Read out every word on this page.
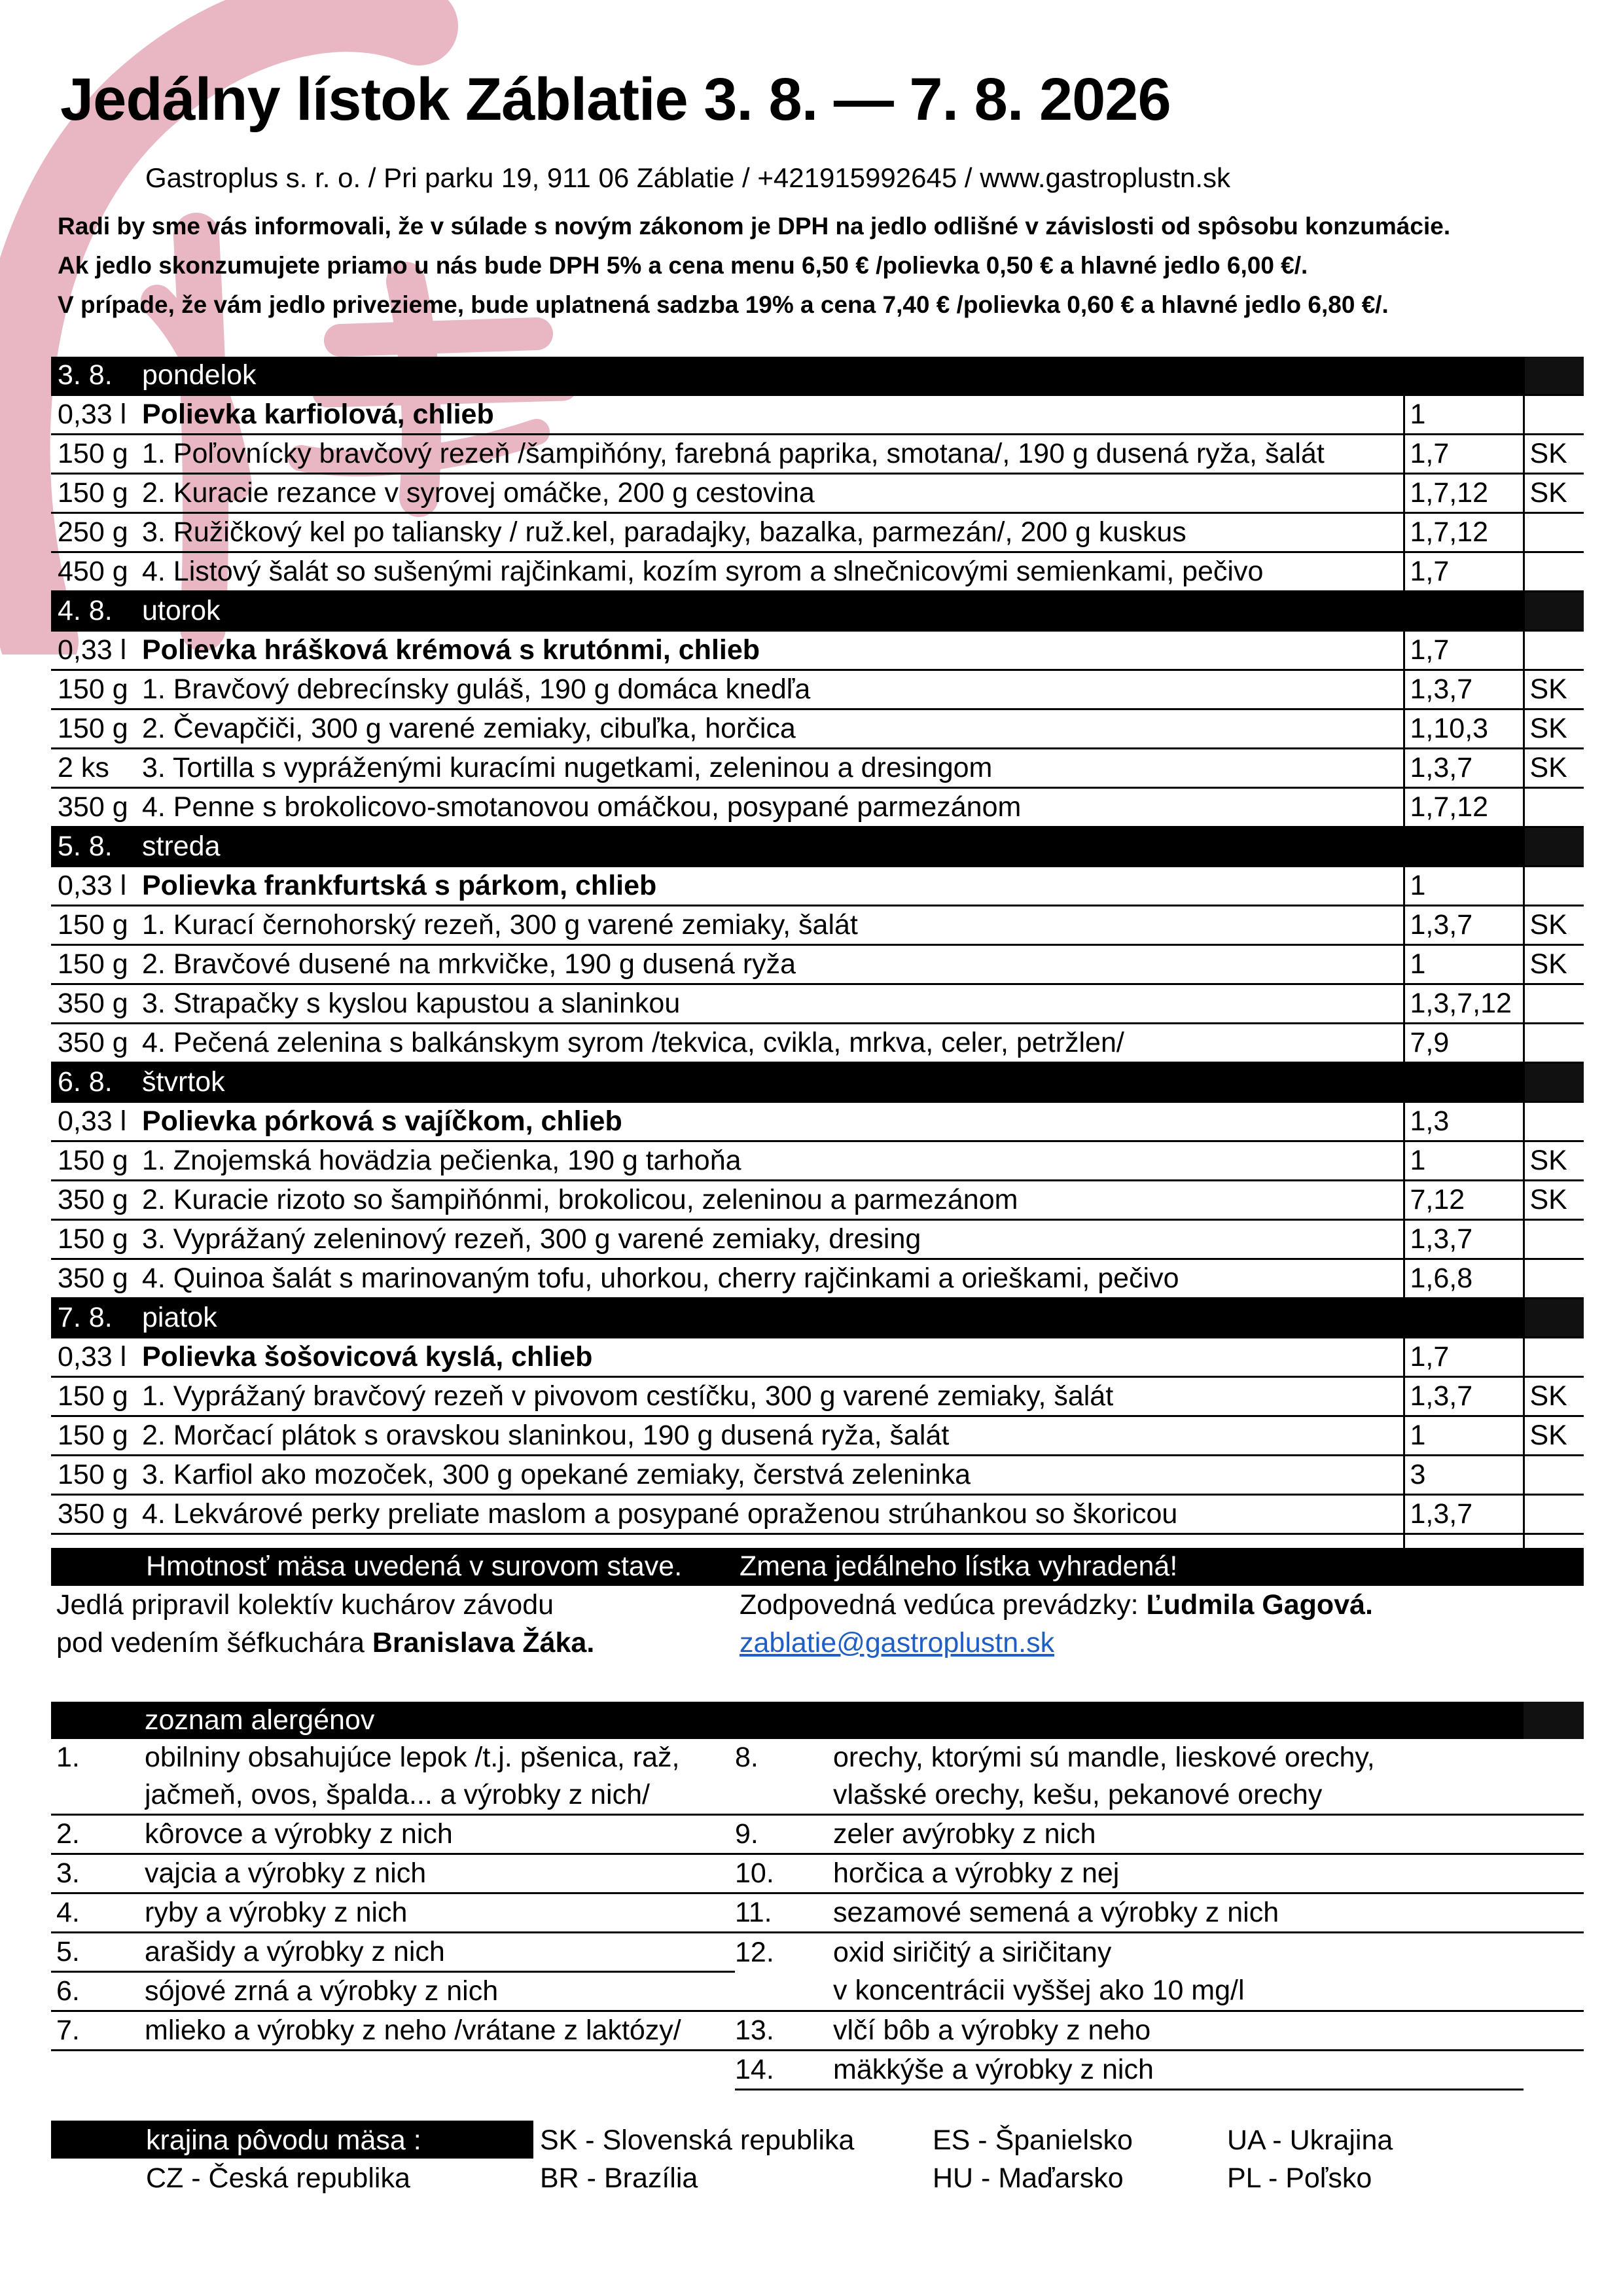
Jedálny lístok Záblatie 3. 8. — 7. 8. 2026
Gastroplus s. r. o. / Pri parku 19, 911 06 Záblatie / +421915992645 / www.gastroplustn.sk
Radi by sme vás informovali, že v súlade s novým zákonom je DPH na jedlo odlišné v závislosti od spôsobu konzumácie.
Ak jedlo skonzumujete priamo u nás bude DPH 5% a cena menu 6,50 € /polievka 0,50 € a hlavné jedlo 6,00 €/.
V prípade, že vám jedlo privezieme, bude uplatnená sadzba 19% a cena 7,40 € /polievka 0,60 € a hlavné jedlo 6,80 €/.
3. 8.	pondelok		
0,33 l	Polievka karfiolová, chlieb	1	
150 g	1. Poľovnícky bravčový rezeň /šampiňóny, farebná paprika, smotana/, 190 g dusená ryža, šalát	1,7	SK
150 g	2. Kuracie rezance v syrovej omáčke, 200 g cestovina	1,7,12	SK
250 g	3. Ružičkový kel po taliansky / ruž.kel, paradajky, bazalka, parmezán/, 200 g kuskus	1,7,12	
450 g	4. Listový šalát so sušenými rajčinkami, kozím syrom a slnečnicovými semienkami, pečivo	1,7	
4. 8.	utorok		
0,33 l	Polievka hrášková krémová s krutónmi, chlieb	1,7	
150 g	1. Bravčový debrecínsky guláš, 190 g domáca knedľa	1,3,7	SK
150 g	2. Čevapčiči, 300 g varené zemiaky, cibuľka, horčica	1,10,3	SK
2 ks	3. Tortilla s vypráženými kuracími nugetkami, zeleninou a dresingom	1,3,7	SK
350 g	4. Penne s brokolicovo-smotanovou omáčkou, posypané parmezánom	1,7,12	
5. 8.	streda		
0,33 l	Polievka frankfurtská s párkom, chlieb	1	
150 g	1. Kurací černohorský rezeň, 300 g varené zemiaky, šalát	1,3,7	SK
150 g	2. Bravčové dusené na mrkvičke, 190 g dusená ryža	1	SK
350 g	3. Strapačky s kyslou kapustou a slaninkou	1,3,7,12	
350 g	4. Pečená zelenina s balkánskym syrom /tekvica, cvikla, mrkva, celer, petržlen/	7,9	
6. 8.	štvrtok		
0,33 l	Polievka pórková s vajíčkom, chlieb	1,3	
150 g	1. Znojemská hovädzia pečienka, 190 g tarhoňa	1	SK
350 g	2. Kuracie rizoto so šampiňónmi, brokolicou, zeleninou a parmezánom	7,12	SK
150 g	3. Vyprážaný zeleninový rezeň, 300 g varené zemiaky, dresing	1,3,7	
350 g	4. Quinoa šalát s marinovaným tofu, uhorkou, cherry rajčinkami a orieškami, pečivo	1,6,8	
7. 8.	piatok		
0,33 l	Polievka šošovicová kyslá, chlieb	1,7	
150 g	1. Vyprážaný bravčový rezeň v pivovom cestíčku, 300 g varené zemiaky, šalát	1,3,7	SK
150 g	2. Morčací plátok s oravskou slaninkou, 190 g dusená ryža, šalát	1	SK
150 g	3. Karfiol ako mozoček, 300 g opekané zemiaky, čerstvá zeleninka	3	
350 g	4. Lekvárové perky preliate maslom a posypané opraženou strúhankou so škoricou	1,3,7	

Hmotnosť mäsa uvedená v surovom stave. Zmena jedálneho lístka vyhradená!
Jedlá pripravil kolektív kuchárov závodu	Zodpovedná vedúca prevádzky: Ľudmila Gagová.
pod vedením šéfkuchára Branislava Žáka.	zablatie@gastroplustn.sk
	zoznam alergénov			
1.	obilniny obsahujúce lepok /t.j. pšenica, raž,	8.	orechy, ktorými sú mandle, lieskové orechy,	
	jačmeň, ovos, špalda... a výrobky z nich/		vlašské orechy, kešu, pekanové orechy	
2.	kôrovce a výrobky z nich	9.	zeler avýrobky z nich	
3.	vajcia a výrobky z nich	10.	horčica a výrobky z nej	
4.	ryby a výrobky z nich	11.	sezamové semená a výrobky z nich	
5.	arašidy a výrobky z nich	12.	oxid siričitý a siričitany	
6.	sójové zrná a výrobky z nich		v koncentrácii vyššej ako 10 mg/l	
7.	mlieko a výrobky z neho /vrátane z laktózy/	13.	vlčí bôb a výrobky z neho	
		14.	mäkkýše a výrobky z nich	
krajina pôvodu mäsa :	SK - Slovenská republika	ES - Španielsko	UA - Ukrajina
CZ - Česká republika	BR - Brazília	HU - Maďarsko	PL - Poľsko
